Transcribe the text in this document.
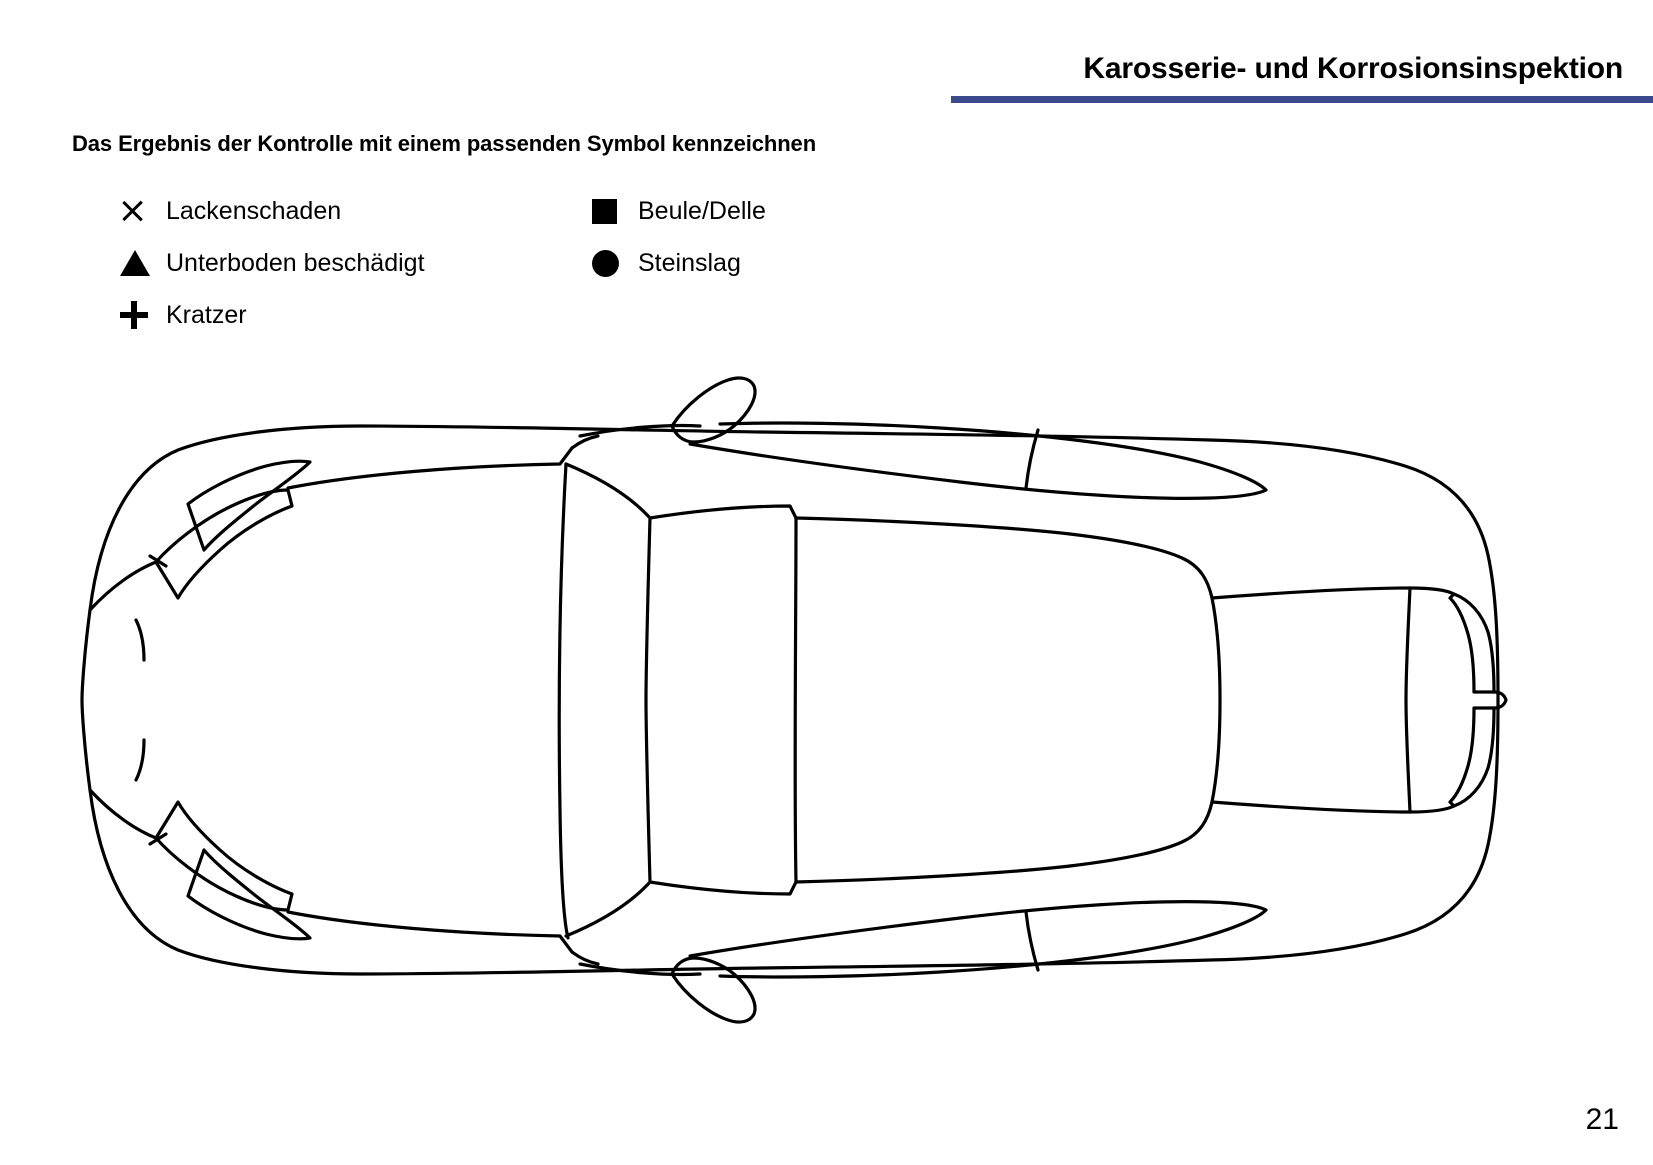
Karosserie- und Korrosionsinspektion
Das Ergebnis der Kontrolle mit einem passenden Symbol kennzeichnen
Lackenschaden
Unterboden beschädigt
Kratzer
Beule/Delle
Steinslag
21
